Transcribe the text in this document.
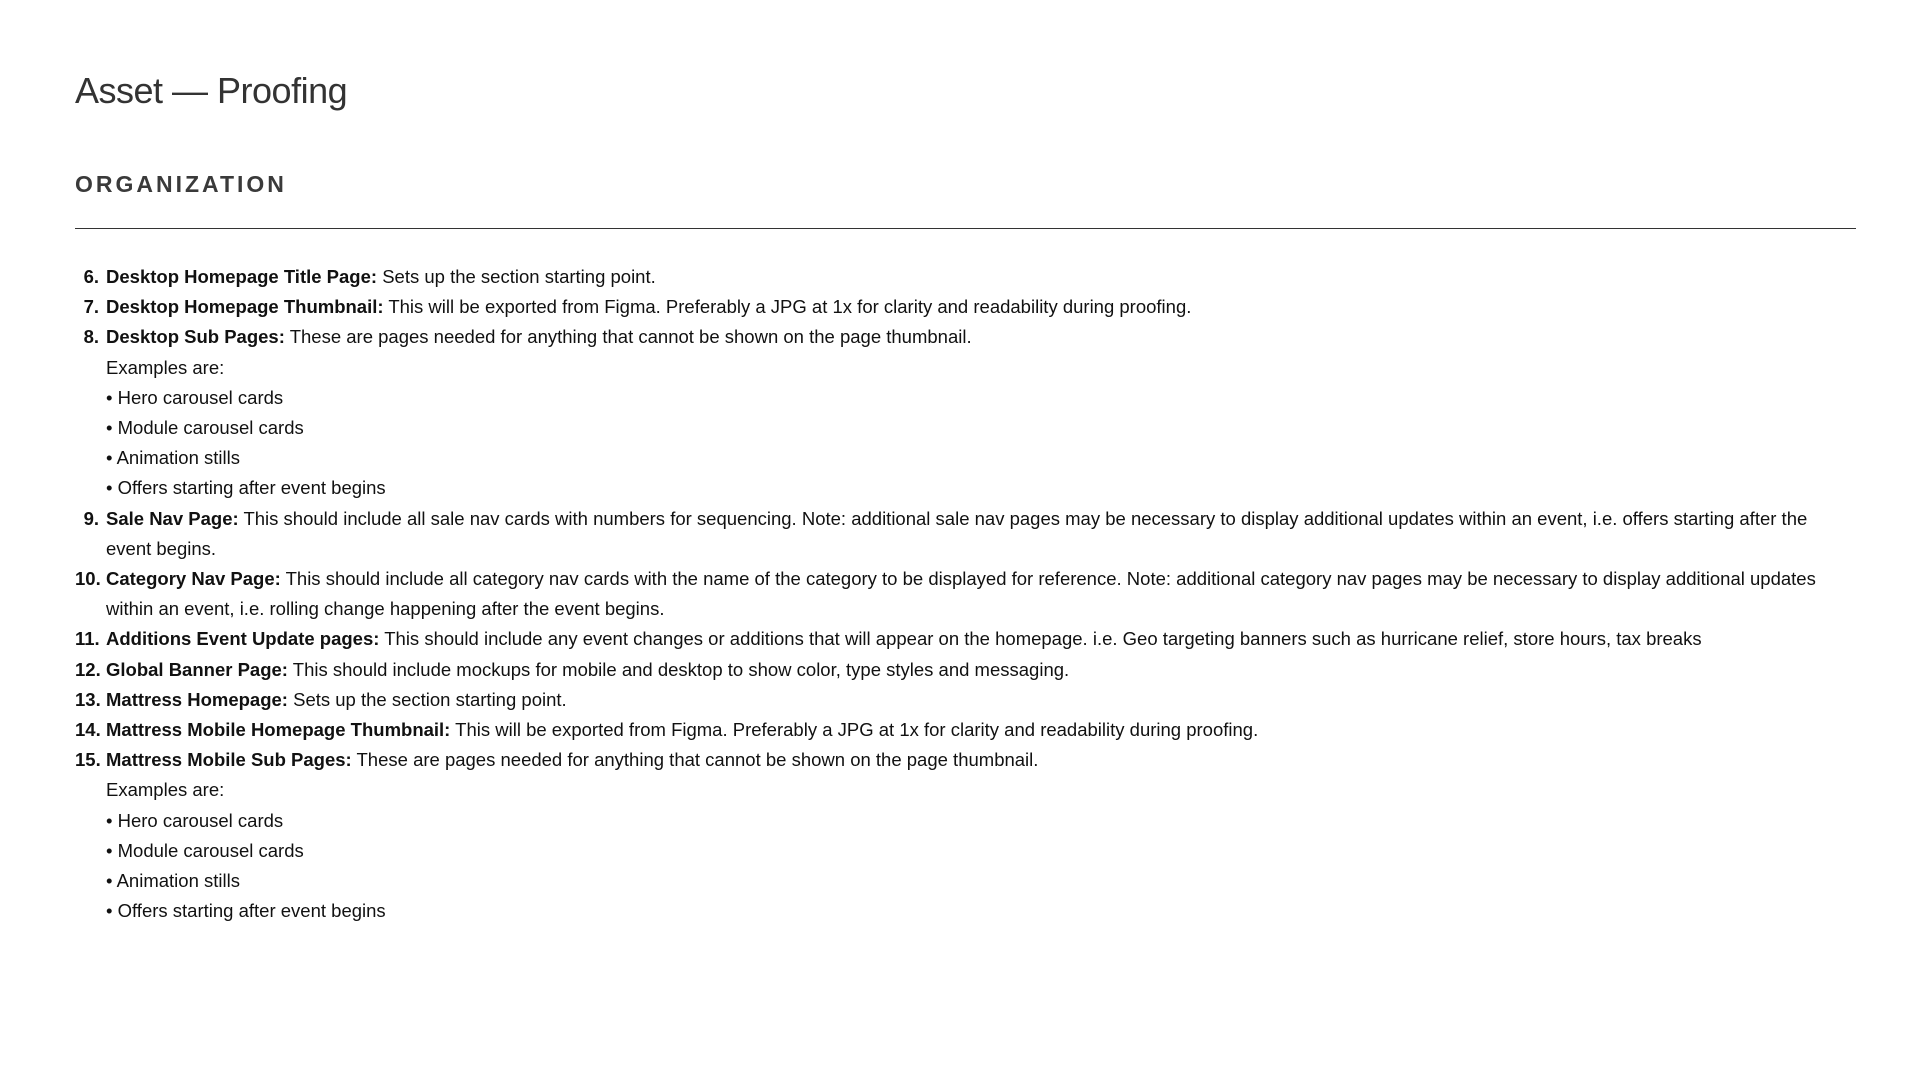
Asset — Proofing
ORGANIZATION
6. Desktop Homepage Title Page: Sets up the section starting point.
7. Desktop Homepage Thumbnail: This will be exported from Figma. Preferably a JPG at 1x for clarity and readability during proofing.
8. Desktop Sub Pages: These are pages needed for anything that cannot be shown on the page thumbnail.
Examples are:
• Hero carousel cards
• Module carousel cards
• Animation stills
• Offers starting after event begins
9. Sale Nav Page: This should include all sale nav cards with numbers for sequencing. Note: additional sale nav pages may be necessary to display additional updates within an event, i.e. offers starting after the event begins.
10. Category Nav Page: This should include all category nav cards with the name of the category to be displayed for reference. Note: additional category nav pages may be necessary to display additional updates within an event, i.e. rolling change happening after the event begins.
11. Additions Event Update pages: This should include any event changes or additions that will appear on the homepage. i.e. Geo targeting banners such as hurricane relief, store hours, tax breaks
12. Global Banner Page: This should include mockups for mobile and desktop to show color, type styles and messaging.
13. Mattress Homepage: Sets up the section starting point.
14. Mattress Mobile Homepage Thumbnail: This will be exported from Figma. Preferably a JPG at 1x for clarity and readability during proofing.
15. Mattress Mobile Sub Pages: These are pages needed for anything that cannot be shown on the page thumbnail.
Examples are:
• Hero carousel cards
• Module carousel cards
• Animation stills
• Offers starting after event begins
